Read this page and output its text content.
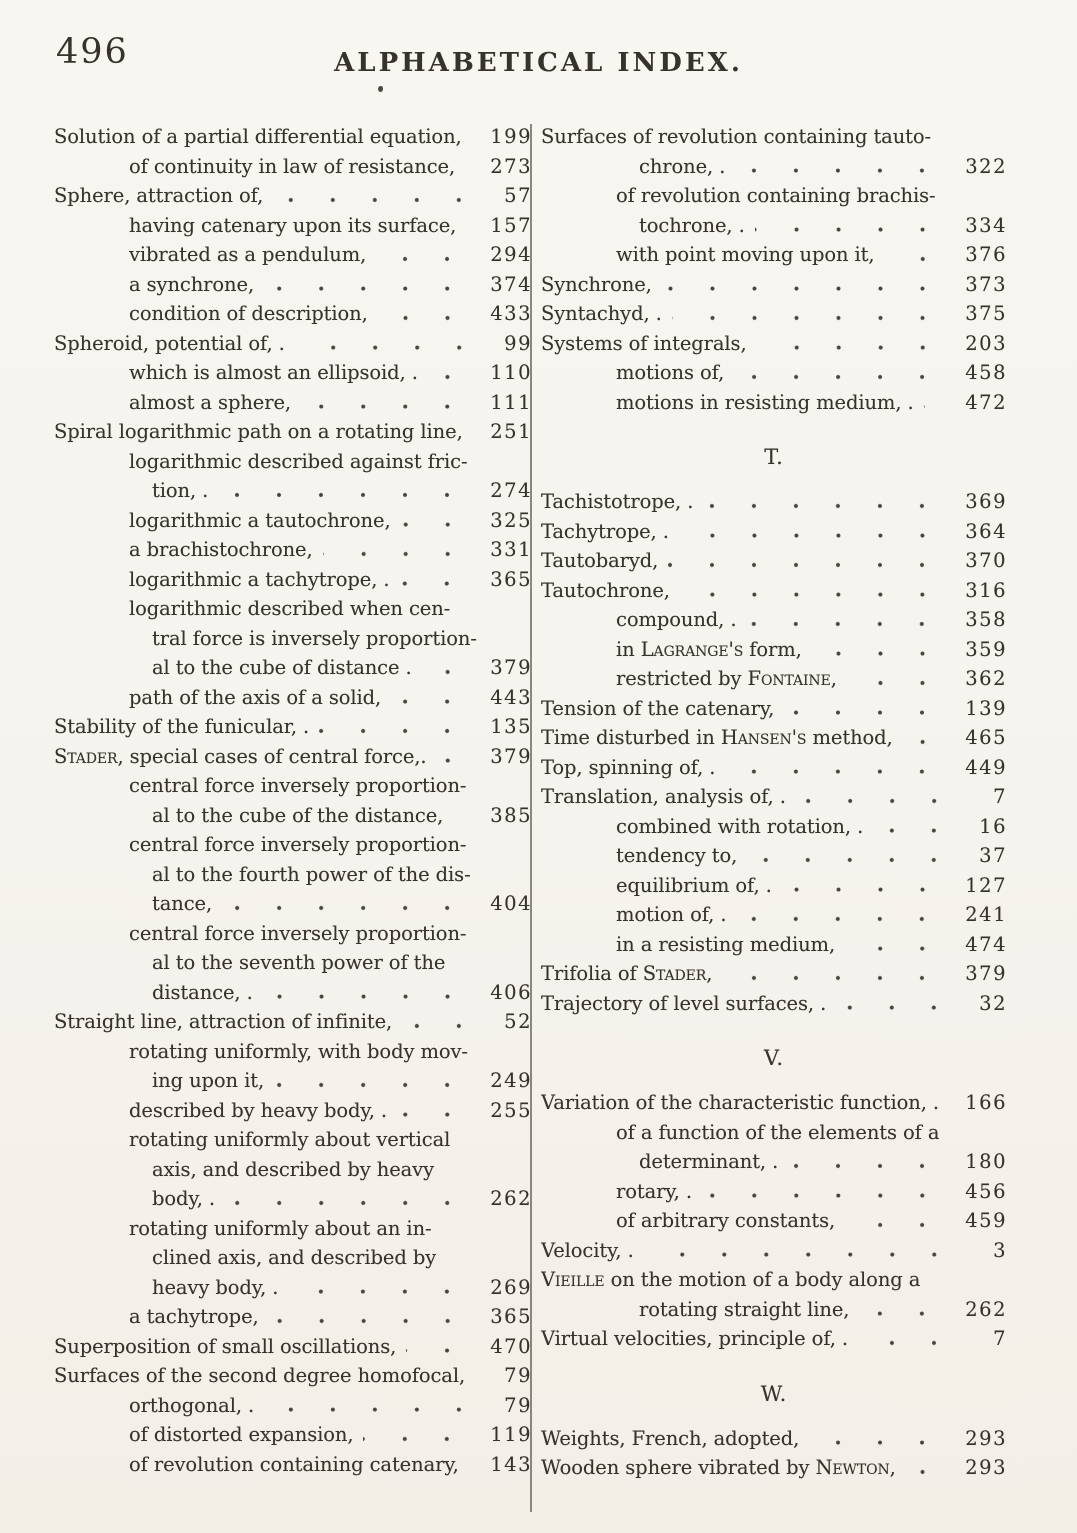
496	ALPHABETICAL INDEX.
Solution of a partial differential equation, 199
of continuity in law of resistance, 273
Sphere, attraction of,	57
having catenary upon its surface, 157
vibrated as a pendulum,	294
a synchrone,	374
condition of description,	433
Spheroid, potential of, .	99
which is almost an ellipsoid, .	110
almost a sphere,	111
Spiral logarithmic path on a rotating line, 251
logarithmic described against fric-
tion, .	274
logarithmic a tautochrone,	325
a brachistochrone,	331
logarithmic a tachytrope, .	365
logarithmic described when cen-
tral force is inversely proportion-
al to the cube of distance .	379
path of the axis of a solid,	443
Stability of the funicular, .	135
Stader, special cases of central force,.	379
central force inversely proportion-
al to the cube of the distance, 385
central force inversely proportion-
al to the fourth power of the dis-
tance,	404
central force inversely proportion-
al to the seventh power of the
distance, .	406
Straight line, attraction of infinite,	52
rotating uniformly, with body mov-
ing upon it,	249
described by heavy body, .	255
rotating uniformly about vertical
axis, and described by heavy
body, .	262
rotating uniformly about an in-
clined axis, and described by
heavy body, .	269
a tachytrope,	365
Superposition of small oscillations,	470
Surfaces of the second degree homofocal, 79
orthogonal, .	79
of distorted expansion,	119
of revolution containing catenary, 143
Surfaces of revolution containing tauto-
chrone, .	322
of revolution containing brachis-
tochrone, .	334
with point moving upon it,	376
Synchrone,	373
Syntachyd, .	375
Systems of integrals,	203
motions of,	458
motions in resisting medium, .	472
T.
Tachistotrope, .	369
Tachytrope, .	364
Tautobaryd,	370
Tautochrone,	316
compound, .	358
in Lagrange's form,	359
restricted by Fontaine,	362
Tension of the catenary,	139
Time disturbed in Hansen's method,	465
Top, spinning of, .	449
Translation, analysis of, .	7
combined with rotation, .	16
tendency to,	37
equilibrium of, .	127
motion of, .	241
in a resisting medium,	474
Trifolia of Stader,	379
Trajectory of level surfaces, .	32
V.
Variation of the characteristic function, . 166
of a function of the elements of a
determinant, .	180
rotary, .	456
of arbitrary constants,	459
Velocity, .	3
Vieille on the motion of a body along a
rotating straight line,	262
Virtual velocities, principle of, .	7
W.
Weights, French, adopted,	293
Wooden sphere vibrated by Newton,	293
